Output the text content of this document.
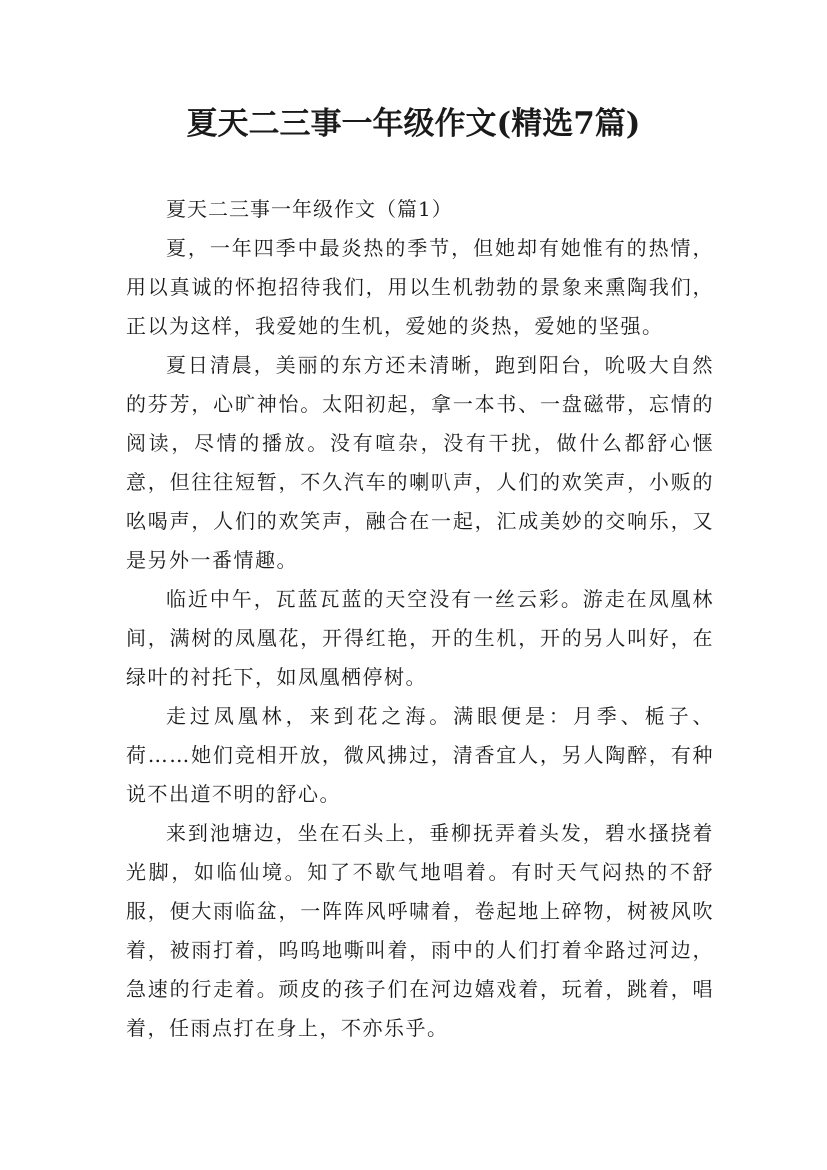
夏天二三事一年级作文(精选7篇)

夏天二三事一年级作文（篇1）

夏，一年四季中最炎热的季节，但她却有她惟有的热情，用以真诚的怀抱招待我们，用以生机勃勃的景象来熏陶我们，正以为这样，我爱她的生机，爱她的炎热，爱她的坚强。

夏日清晨，美丽的东方还未清晰，跑到阳台，吮吸大自然的芬芳，心旷神怡。太阳初起，拿一本书、一盘磁带，忘情的阅读，尽情的播放。没有喧杂，没有干扰，做什么都舒心惬意，但往往短暂，不久汽车的喇叭声，人们的欢笑声，小贩的吆喝声，人们的欢笑声，融合在一起，汇成美妙的交响乐，又是另外一番情趣。

临近中午，瓦蓝瓦蓝的天空没有一丝云彩。游走在凤凰林间，满树的凤凰花，开得红艳，开的生机，开的另人叫好，在绿叶的衬托下，如凤凰栖停树。

走过凤凰林，来到花之海。满眼便是：月季、栀子、荷……她们竞相开放，微风拂过，清香宜人，另人陶醉，有种说不出道不明的舒心。

来到池塘边，坐在石头上，垂柳抚弄着头发，碧水搔挠着光脚，如临仙境。知了不歇气地唱着。有时天气闷热的不舒服，便大雨临盆，一阵阵风呼啸着，卷起地上碎物，树被风吹着，被雨打着，呜呜地嘶叫着，雨中的人们打着伞路过河边，急速的行走着。顽皮的孩子们在河边嬉戏着，玩着，跳着，唱着，任雨点打在身上，不亦乐乎。
